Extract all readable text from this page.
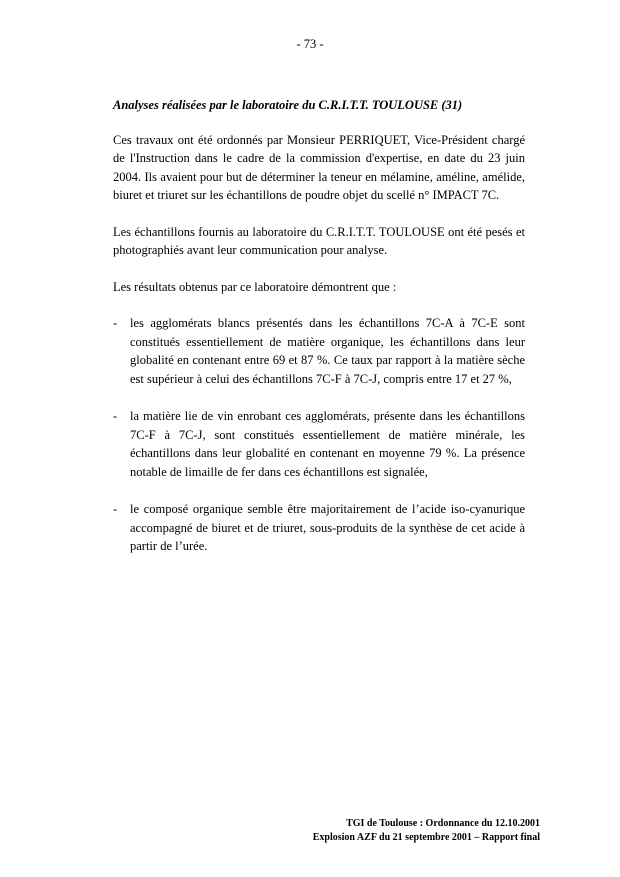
- 73 -

Analyses réalisées par le laboratoire du C.R.I.T.T. TOULOUSE (31)

Ces travaux ont été ordonnés par Monsieur PERRIQUET, Vice-Président chargé de l'Instruction dans le cadre de la commission d'expertise, en date du 23 juin 2004. Ils avaient pour but de déterminer la teneur en mélamine, améline, amélide, biuret et triuret sur les échantillons de poudre objet du scellé n° IMPACT 7C.

Les échantillons fournis au laboratoire du C.R.I.T.T. TOULOUSE ont été pesés et photographiés avant leur communication pour analyse.

Les résultats obtenus par ce laboratoire démontrent que :

- les agglomérats blancs présentés dans les échantillons 7C-A à 7C-E sont constitués essentiellement de matière organique, les échantillons dans leur globalité en contenant entre 69 et 87 %. Ce taux par rapport à la matière sèche est supérieur à celui des échantillons 7C-F à 7C-J, compris entre 17 et 27 %,
- la matière lie de vin enrobant ces agglomérats, présente dans les échantillons 7C-F à 7C-J, sont constitués essentiellement de matière minérale, les échantillons dans leur globalité en contenant en moyenne 79 %. La présence notable de limaille de fer dans ces échantillons est signalée,
- le composé organique semble être majoritairement de l’acide iso-cyanurique accompagné de biuret et de triuret, sous-produits de la synthèse de cet acide à partir de l’urée.
TGI de Toulouse : Ordonnance du 12.10.2001
Explosion AZF du 21 septembre 2001 – Rapport final
